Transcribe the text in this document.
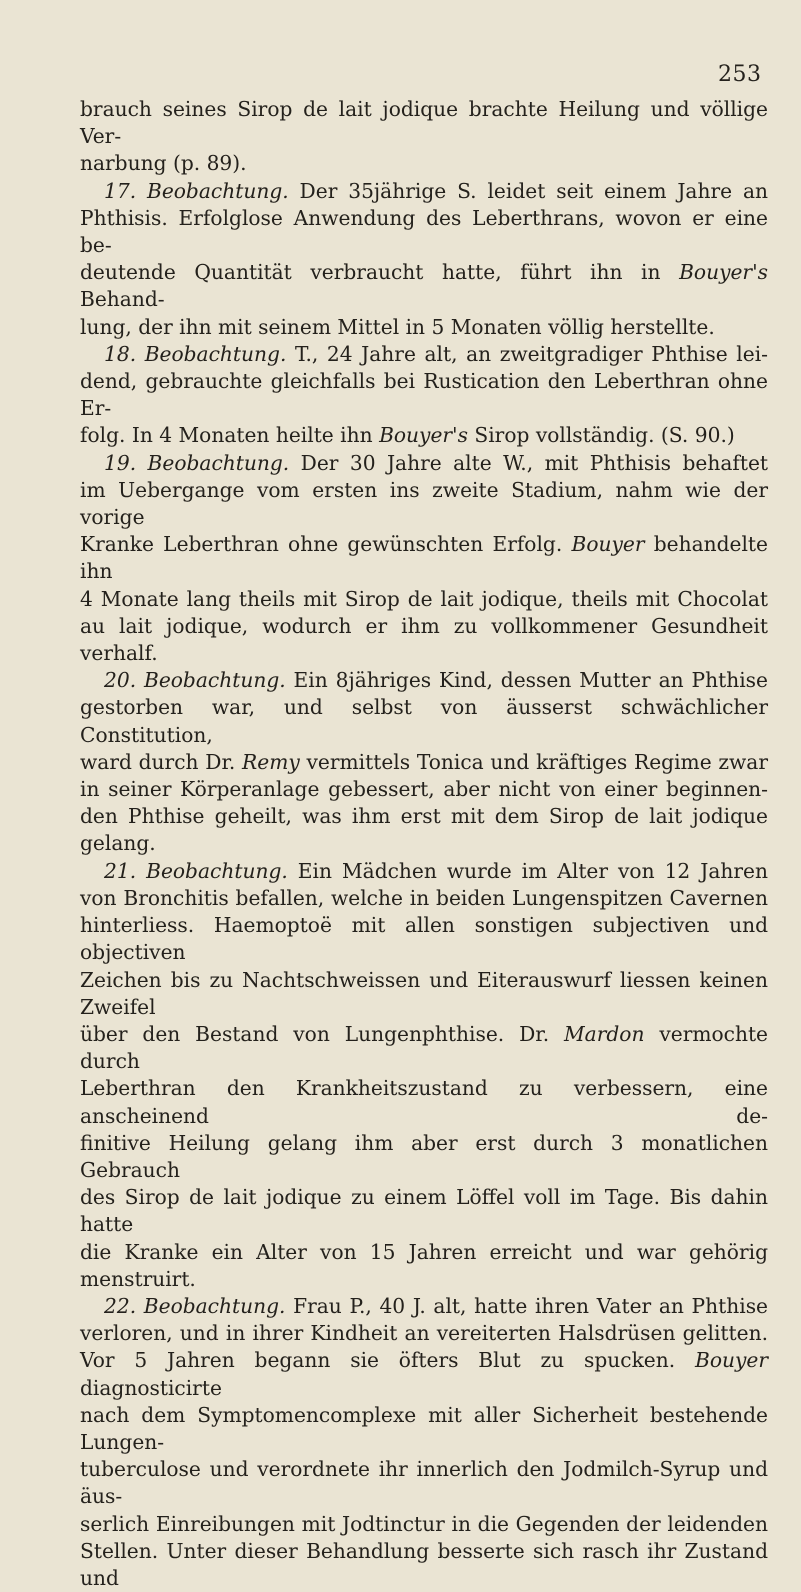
253

brauch seines Sirop de lait jodique brachte Heilung und völlige Ver-

narbung (p. 89).

17. Beobachtung. Der 35jährige S. leidet seit einem Jahre an

Phthisis. Erfolglose Anwendung des Leberthrans, wovon er eine be-

deutende Quantität verbraucht hatte, führt ihn in Bouyer's Behand-

lung, der ihn mit seinem Mittel in 5 Monaten völlig herstellte.

18. Beobachtung. T., 24 Jahre alt, an zweitgradiger Phthise lei-

dend, gebrauchte gleichfalls bei Rustication den Leberthran ohne Er-

folg. In 4 Monaten heilte ihn Bouyer's Sirop vollständig. (S. 90.)

19. Beobachtung. Der 30 Jahre alte W., mit Phthisis behaftet

im Uebergange vom ersten ins zweite Stadium, nahm wie der vorige

Kranke Leberthran ohne gewünschten Erfolg. Bouyer behandelte ihn

4 Monate lang theils mit Sirop de lait jodique, theils mit Chocolat

au lait jodique, wodurch er ihm zu vollkommener Gesundheit

verhalf.

20. Beobachtung. Ein 8jähriges Kind, dessen Mutter an Phthise

gestorben war, und selbst von äusserst schwächlicher Constitution,

ward durch Dr. Remy vermittels Tonica und kräftiges Regime zwar

in seiner Körperanlage gebessert, aber nicht von einer beginnen-

den Phthise geheilt, was ihm erst mit dem Sirop de lait jodique

gelang.

21. Beobachtung. Ein Mädchen wurde im Alter von 12 Jahren

von Bronchitis befallen, welche in beiden Lungenspitzen Cavernen

hinterliess. Haemoptoë mit allen sonstigen subjectiven und objectiven

Zeichen bis zu Nachtschweissen und Eiterauswurf liessen keinen Zweifel

über den Bestand von Lungenphthise. Dr. Mardon vermochte durch

Leberthran den Krankheitszustand zu verbessern, eine anscheinend de-

finitive Heilung gelang ihm aber erst durch 3 monatlichen Gebrauch

des Sirop de lait jodique zu einem Löffel voll im Tage. Bis dahin hatte

die Kranke ein Alter von 15 Jahren erreicht und war gehörig

menstruirt.

22. Beobachtung. Frau P., 40 J. alt, hatte ihren Vater an Phthise

verloren, und in ihrer Kindheit an vereiterten Halsdrüsen gelitten.

Vor 5 Jahren begann sie öfters Blut zu spucken. Bouyer diagnosticirte

nach dem Symptomencomplexe mit aller Sicherheit bestehende Lungen-

tuberculose und verordnete ihr innerlich den Jodmilch-Syrup und äus-

serlich Einreibungen mit Jodtinctur in die Gegenden der leidenden

Stellen. Unter dieser Behandlung besserte sich rasch ihr Zustand und
